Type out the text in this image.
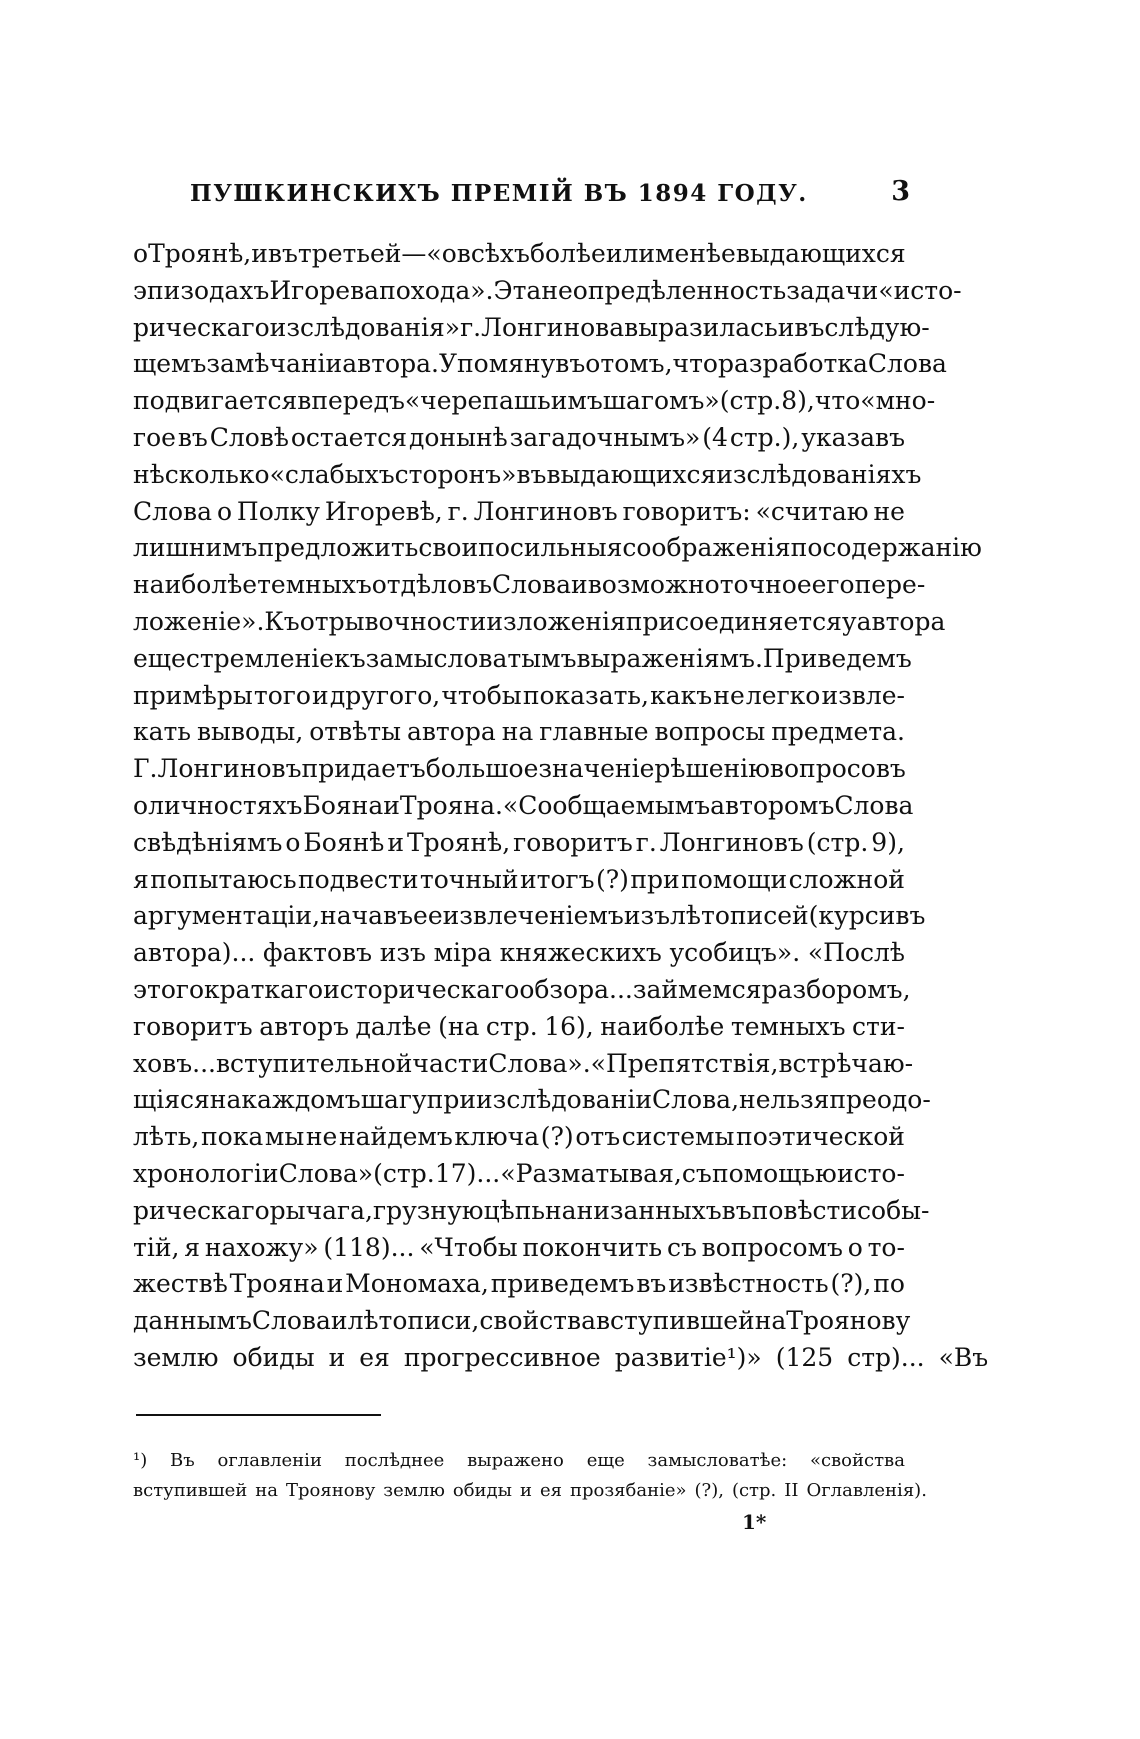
ПУШКИНСКИХЪ ПРЕМІЙ ВЪ 1894 ГОДУ.	3
о Троянѣ, и въ третьей—«о всѣхъ болѣе или менѣе выдающихся
эпизодахъ Игорева похода». Эта неопредѣленность задачи «исто-
рическаго изслѣдованія» г. Лонгинова выразилась и въ слѣдую-
щемъ замѣчаніи автора. Упомянувъ о томъ, что разработка Слова
подвигается впередъ «черепашьимъ шагомъ» (стр. 8), что «мно-
гое въ Словѣ остается донынѣ загадочнымъ» (4 стр.), указавъ
нѣсколько «слабыхъ сторонъ» въ выдающихся изслѣдованіяхъ
Слова о Полку Игоревѣ, г. Лонгиновъ говоритъ: «считаю не
лишнимъ предложить свои посильныя соображенія по содержанію
наиболѣе темныхъ отдѣловъ Слова и возможно точное его пере-
ложеніе». Къ отрывочности изложенія присоединяется у автора
еще стремленіе къ замысловатымъ выраженіямъ. Приведемъ
примѣры того и другого, чтобы показать, какъ не легко извле-
кать выводы, отвѣты автора на главные вопросы предмета.
Г. Лонгиновъ придаетъ большое значеніе рѣшенію вопросовъ
о личностяхъ Бояна и Трояна. «Сообщаемымъ авторомъ Слова
свѣдѣніямъ о Боянѣ и Троянѣ, говоритъ г. Лонгиновъ (стр. 9),
я попытаюсь подвести точный итогъ (?) при помощи сложной
аргументаціи, начавъ ее извлеченіемъ изъ лѣтописей (курсивъ
автора)... фактовъ изъ міра княжескихъ усобицъ». «Послѣ
этого краткаго историческаго обзора... займемся разборомъ,
говоритъ авторъ далѣе (на стр. 16), наиболѣе темныхъ сти-
ховъ... вступительной части Слова». «Препятствія, встрѣчаю-
щіяся на каждомъ шагу при изслѣдованіи Слова, нельзя преодо-
лѣть, пока мы не найдемъ ключа (?) отъ системы поэтической
хронологіи Слова» (стр. 17)... «Разматывая, съ помощью исто-
рическаго рычага, грузную цѣпь нанизанныхъ въ повѣсти собы-
тій, я нахожу» (118)... «Чтобы покончить съ вопросомъ о то-
жествѣ Трояна и Мономаха, приведемъ въ извѣстность (?), по
даннымъ Слова и лѣтописи, свойства вступившей на Троянову
землю обиды и ея прогрессивное развитіе¹)» (125 стр)... «Въ
¹) Въ оглавленіи послѣднее выражено еще замысловатѣе: «свойства
вступившей на Троянову землю обиды и ея прозябаніе» (?), (стр. II Оглавленія).
1*
